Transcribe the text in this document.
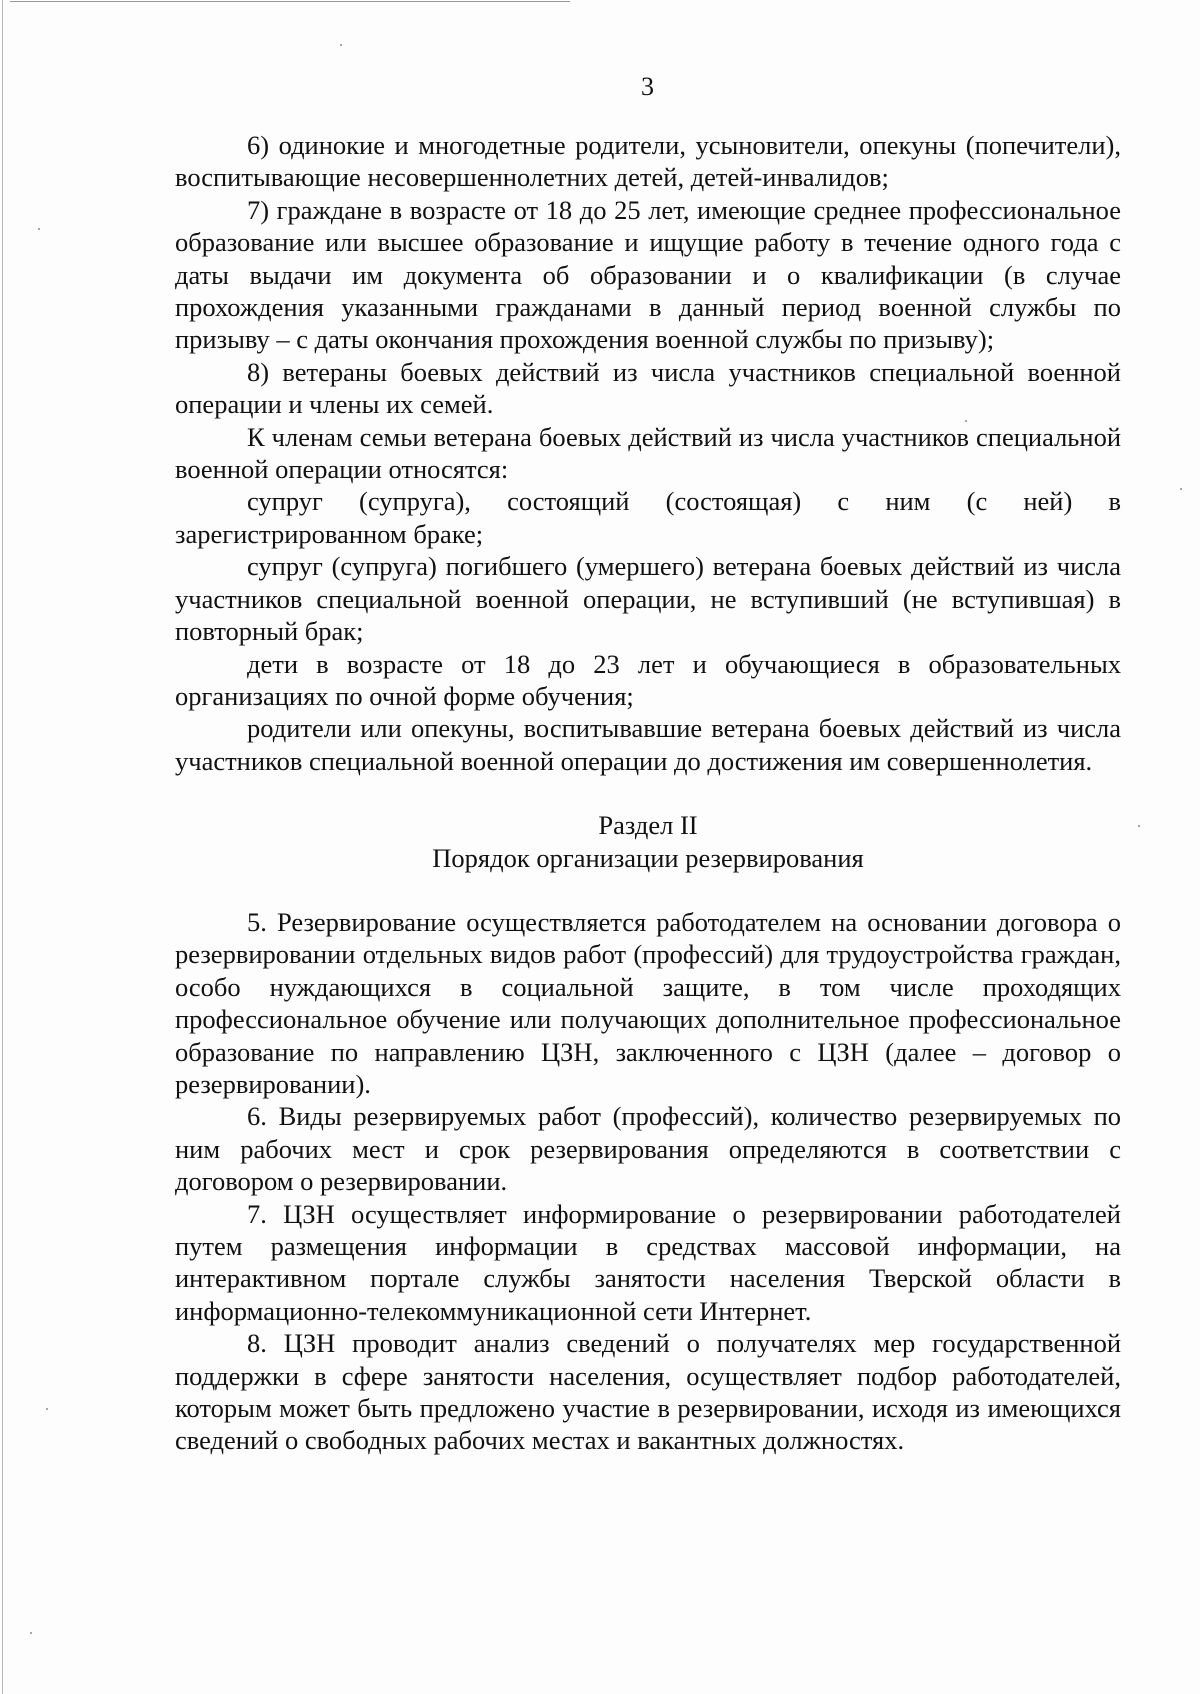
3

6) одинокие и многодетные родители, усыновители, опекуны (попечители), воспитывающие несовершеннолетних детей, детей-инвалидов;

7) граждане в возрасте от 18 до 25 лет, имеющие среднее профессиональное образование или высшее образование и ищущие работу в течение одного года с даты выдачи им документа об образовании и о квалификации (в случае прохождения указанными гражданами в данный период военной службы по призыву – с даты окончания прохождения военной службы по призыву);

8) ветераны боевых действий из числа участников специальной военной операции и члены их семей.

К членам семьи ветерана боевых действий из числа участников специальной военной операции относятся:

супруг (супруга), состоящий (состоящая) с ним (с ней) в зарегистрированном браке;

супруг (супруга) погибшего (умершего) ветерана боевых действий из числа участников специальной военной операции, не вступивший (не вступившая) в повторный брак;

дети в возрасте от 18 до 23 лет и обучающиеся в образовательных организациях по очной форме обучения;

родители или опекуны, воспитывавшие ветерана боевых действий из числа участников специальной военной операции до достижения им совершеннолетия.

Раздел II

Порядок организации резервирования

5. Резервирование осуществляется работодателем на основании договора о резервировании отдельных видов работ (профессий) для трудоустройства граждан, особо нуждающихся в социальной защите, в том числе проходящих профессиональное обучение или получающих дополнительное профессиональное образование по направлению ЦЗН, заключенного с ЦЗН (далее – договор о резервировании).

6. Виды резервируемых работ (профессий), количество резервируемых по ним рабочих мест и срок резервирования определяются в соответствии с договором о резервировании.

7. ЦЗН осуществляет информирование о резервировании работодателей путем размещения информации в средствах массовой информации, на интерактивном портале службы занятости населения Тверской области в информационно-телекоммуникационной сети Интернет.

8. ЦЗН проводит анализ сведений о получателях мер государственной поддержки в сфере занятости населения, осуществляет подбор работодателей, которым может быть предложено участие в резервировании, исходя из имеющихся сведений о свободных рабочих местах и вакантных должностях.
